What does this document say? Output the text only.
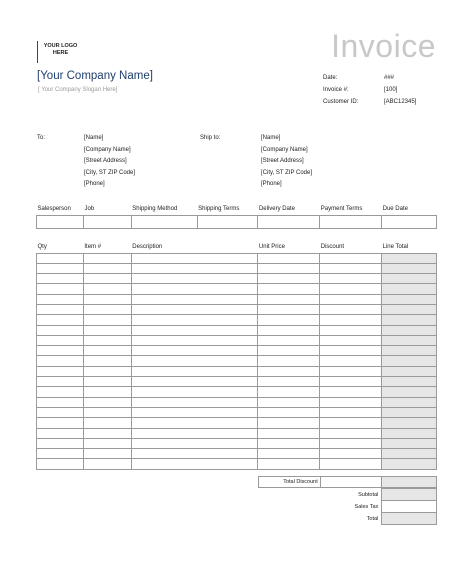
YOUR LOGO
HERE	Invoice
[Your Company Name]
[ Your Company Slogan Here]
Date:	###
Invoice #:	[100]
Customer ID:	[ABC12345]
To:	[Name]
[Company Name]
[Street Address]
[City, ST ZIP Code]
[Phone]
Ship to:	[Name]
[Company Name]
[Street Address]
[City, ST ZIP Code]
[Phone]
Salesperson	Job	Shipping Method	Shipping Terms	Delivery Date	Payment Terms	Due Date

Qty	Item #	Description	Unit Price	Discount	Line Total

Total Discount		
Subtotal	
Sales Tax	
Total	
